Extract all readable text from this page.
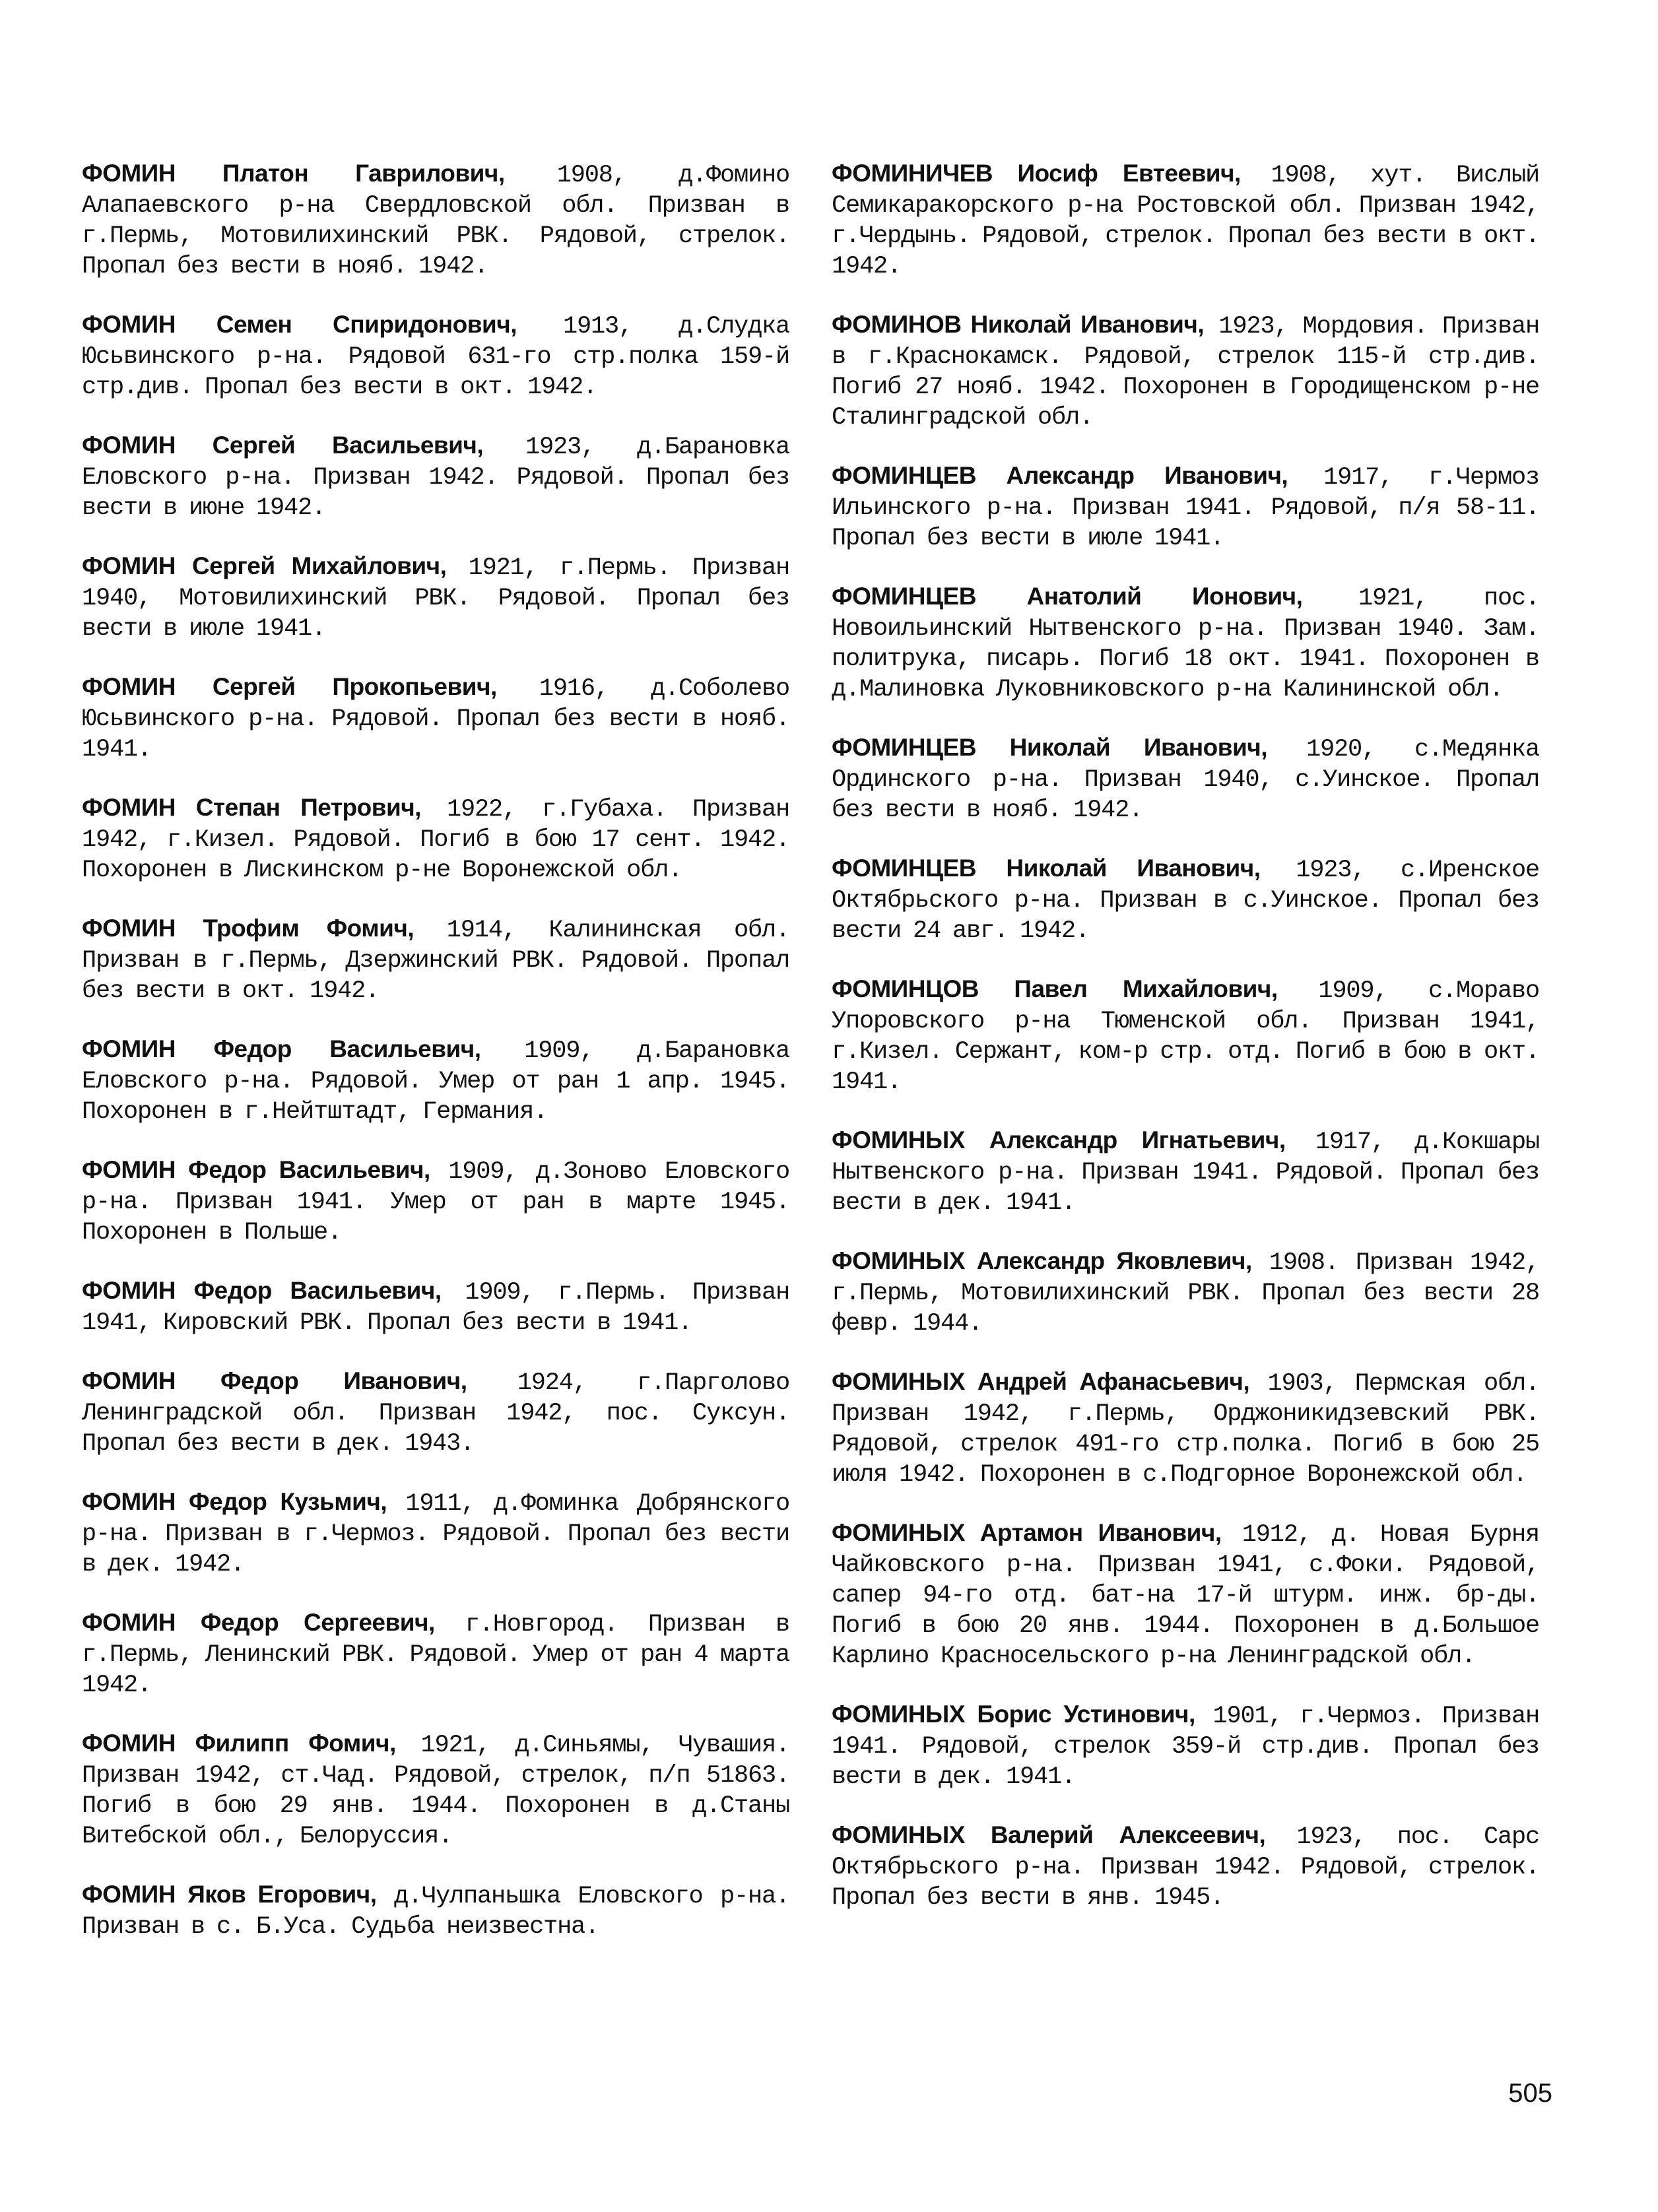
ФОМИН Платон Гаврилович, 1908, д.Фомино Алапаевского р-на Свердловской обл. Призван в г.Пермь, Мотовилихинский РВК. Рядовой, стрелок. Пропал без вести в нояб. 1942.

ФОМИН Семен Спиридонович, 1913, д.Слудка Юсьвинского р-на. Рядовой 631-го стр.полка 159-й стр.див. Пропал без вести в окт. 1942.

ФОМИН Сергей Васильевич, 1923, д.Барановка Еловского р-на. Призван 1942. Рядовой. Пропал без вести в июне 1942.

ФОМИН Сергей Михайлович, 1921, г.Пермь. Призван 1940, Мотовилихинский РВК. Рядовой. Пропал без вести в июле 1941.

ФОМИН Сергей Прокопьевич, 1916, д.Соболево Юсьвинского р-на. Рядовой. Пропал без вести в нояб. 1941.

ФОМИН Степан Петрович, 1922, г.Губаха. Призван 1942, г.Кизел. Рядовой. Погиб в бою 17 сент. 1942. Похоронен в Лискинском р-не Воронежской обл.

ФОМИН Трофим Фомич, 1914, Калининская обл. Призван в г.Пермь, Дзержинский РВК. Рядовой. Пропал без вести в окт. 1942.

ФОМИН Федор Васильевич, 1909, д.Барановка Еловского р-на. Рядовой. Умер от ран 1 апр. 1945. Похоронен в г.Нейтштадт, Германия.

ФОМИН Федор Васильевич, 1909, д.Зоново Еловского р-на. Призван 1941. Умер от ран в марте 1945. Похоронен в Польше.

ФОМИН Федор Васильевич, 1909, г.Пермь. Призван 1941, Кировский РВК. Пропал без вести в 1941.

ФОМИН Федор Иванович, 1924, г.Парголово Ленинградской обл. Призван 1942, пос. Суксун. Пропал без вести в дек. 1943.

ФОМИН Федор Кузьмич, 1911, д.Фоминка Добрянского р-на. Призван в г.Чермоз. Рядовой. Пропал без вести в дек. 1942.

ФОМИН Федор Сергеевич, г.Новгород. Призван в г.Пермь, Ленинский РВК. Рядовой. Умер от ран 4 марта 1942.

ФОМИН Филипп Фомич, 1921, д.Синьямы, Чувашия. Призван 1942, ст.Чад. Рядовой, стрелок, п/п 51863. Погиб в бою 29 янв. 1944. Похоронен в д.Станы Витебской обл., Белоруссия.

ФОМИН Яков Егорович, д.Чулпаньшка Еловского р-на. Призван в с. Б.Уса. Судьба неизвестна.

ФОМИНИЧЕВ Иосиф Евтеевич, 1908, хут. Вислый Семикаракорского р-на Ростовской обл. Призван 1942, г.Чердынь. Рядовой, стрелок. Пропал без вести в окт. 1942.

ФОМИНОВ Николай Иванович, 1923, Мордовия. Призван в г.Краснокамск. Рядовой, стрелок 115-й стр.див. Погиб 27 нояб. 1942. Похоронен в Городищенском р-не Сталинградской обл.

ФОМИНЦЕВ Александр Иванович, 1917, г.Чермоз Ильинского р-на. Призван 1941. Рядовой, п/я 58-11. Пропал без вести в июле 1941.

ФОМИНЦЕВ Анатолий Ионович, 1921, пос. Новоильинский Нытвенского р-на. Призван 1940. Зам. политрука, писарь. Погиб 18 окт. 1941. Похоронен в д.Малиновка Луковниковского р-на Калининской обл.

ФОМИНЦЕВ Николай Иванович, 1920, с.Медянка Ординского р-на. Призван 1940, с.Уинское. Пропал без вести в нояб. 1942.

ФОМИНЦЕВ Николай Иванович, 1923, с.Иренское Октябрьского р-на. Призван в с.Уинское. Пропал без вести 24 авг. 1942.

ФОМИНЦОВ Павел Михайлович, 1909, с.Мораво Упоровского р-на Тюменской обл. Призван 1941, г.Кизел. Сержант, ком-р стр. отд. Погиб в бою в окт. 1941.

ФОМИНЫХ Александр Игнатьевич, 1917, д.Кокшары Нытвенского р-на. Призван 1941. Рядовой. Пропал без вести в дек. 1941.

ФОМИНЫХ Александр Яковлевич, 1908. Призван 1942, г.Пермь, Мотовилихинский РВК. Пропал без вести 28 февр. 1944.

ФОМИНЫХ Андрей Афанасьевич, 1903, Пермская обл. Призван 1942, г.Пермь, Орджоникидзевский РВК. Рядовой, стрелок 491-го стр.полка. Погиб в бою 25 июля 1942. Похоронен в с.Подгорное Воронежской обл.

ФОМИНЫХ Артамон Иванович, 1912, д. Новая Бурня Чайковского р-на. Призван 1941, с.Фоки. Рядовой, сапер 94-го отд. бат-на 17-й штурм. инж. бр-ды. Погиб в бою 20 янв. 1944. Похоронен в д.Большое Карлино Красносельского р-на Ленинградской обл.

ФОМИНЫХ Борис Устинович, 1901, г.Чермоз. Призван 1941. Рядовой, стрелок 359-й стр.див. Пропал без вести в дек. 1941.

ФОМИНЫХ Валерий Алексеевич, 1923, пос. Сарс Октябрьского р-на. Призван 1942. Рядовой, стрелок. Пропал без вести в янв. 1945.

505
